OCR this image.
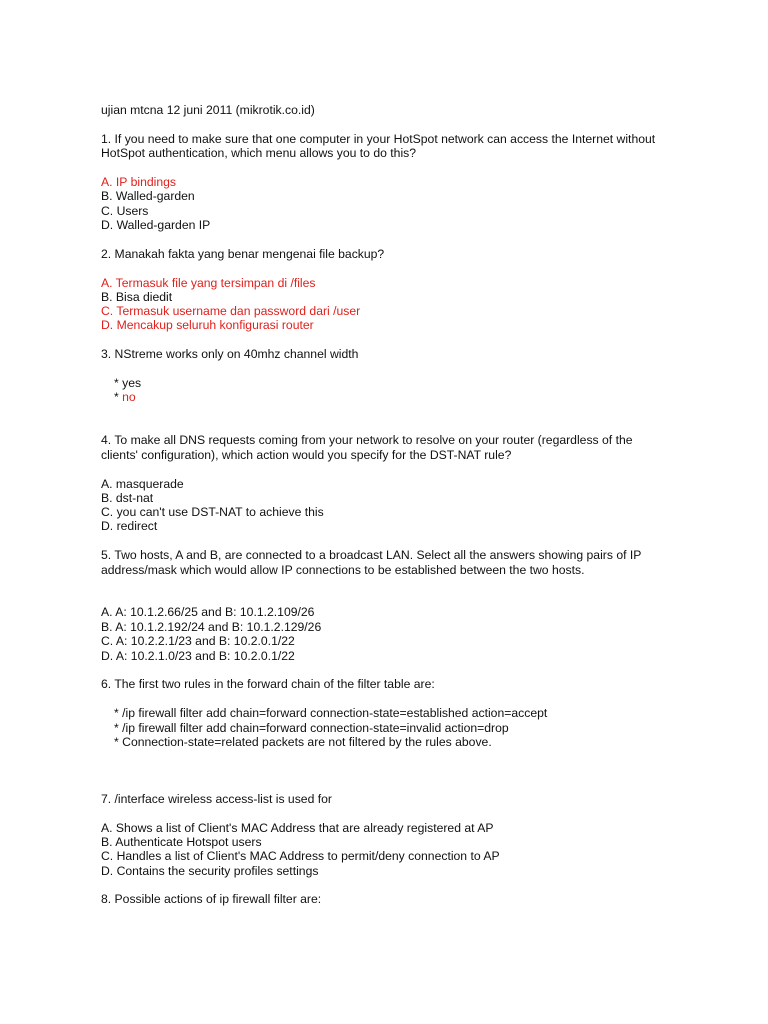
ujian mtcna 12 juni 2011 (mikrotik.co.id)
1. If you need to make sure that one computer in your HotSpot network can access the Internet without
HotSpot authentication, which menu allows you to do this?
A. IP bindings
B. Walled-garden
C. Users
D. Walled-garden IP
2. Manakah fakta yang benar mengenai file backup?
A. Termasuk file yang tersimpan di /files
B. Bisa diedit
C. Termasuk username dan password dari /user
D. Mencakup seluruh konfigurasi router
3. NStreme works only on 40mhz channel width
* yes
* no
4. To make all DNS requests coming from your network to resolve on your router (regardless of the
clients' configuration), which action would you specify for the DST-NAT rule?
A. masquerade
B. dst-nat
C. you can't use DST-NAT to achieve this
D. redirect
5. Two hosts, A and B, are connected to a broadcast LAN. Select all the answers showing pairs of IP
address/mask which would allow IP connections to be established between the two hosts.
A. A: 10.1.2.66/25 and B: 10.1.2.109/26
B. A: 10.1.2.192/24 and B: 10.1.2.129/26
C. A: 10.2.2.1/23 and B: 10.2.0.1/22
D. A: 10.2.1.0/23 and B: 10.2.0.1/22
6. The first two rules in the forward chain of the filter table are:
* /ip firewall filter add chain=forward connection-state=established action=accept
* /ip firewall filter add chain=forward connection-state=invalid action=drop
* Connection-state=related packets are not filtered by the rules above.
7. /interface wireless access-list is used for
A. Shows a list of Client's MAC Address that are already registered at AP
B. Authenticate Hotspot users
C. Handles a list of Client's MAC Address to permit/deny connection to AP
D. Contains the security profiles settings
8. Possible actions of ip firewall filter are:
